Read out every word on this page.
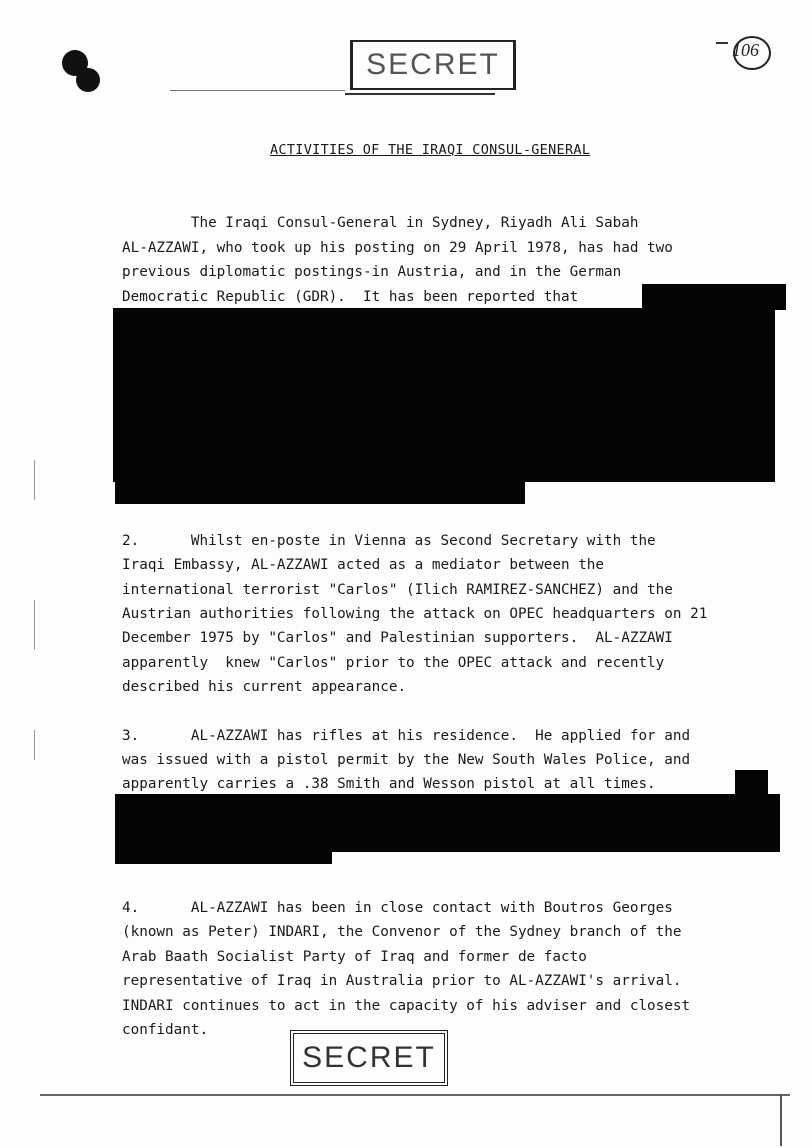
SECRET	106
ACTIVITIES OF THE IRAQI CONSUL-GENERAL
The Iraqi Consul-General in Sydney, Riyadh Ali Sabah
AL-AZZAWI, who took up his posting on 29 April 1978, has had two
previous diplomatic postings-in Austria, and in the German
Democratic Republic (GDR).  It has been reported that
2.      Whilst en-poste in Vienna as Second Secretary with the
Iraqi Embassy, AL-AZZAWI acted as a mediator between the
international terrorist "Carlos" (Ilich RAMIREZ-SANCHEZ) and the
Austrian authorities following the attack on OPEC headquarters on 21
December 1975 by "Carlos" and Palestinian supporters.  AL-AZZAWI
apparently  knew "Carlos" prior to the OPEC attack and recently
described his current appearance.
3.      AL-AZZAWI has rifles at his residence.  He applied for and
was issued with a pistol permit by the New South Wales Police, and
apparently carries a .38 Smith and Wesson pistol at all times.
4.      AL-AZZAWI has been in close contact with Boutros Georges
(known as Peter) INDARI, the Convenor of the Sydney branch of the
Arab Baath Socialist Party of Iraq and former de facto
representative of Iraq in Australia prior to AL-AZZAWI's arrival.
INDARI continues to act in the capacity of his adviser and closest
confidant.
SECRET
